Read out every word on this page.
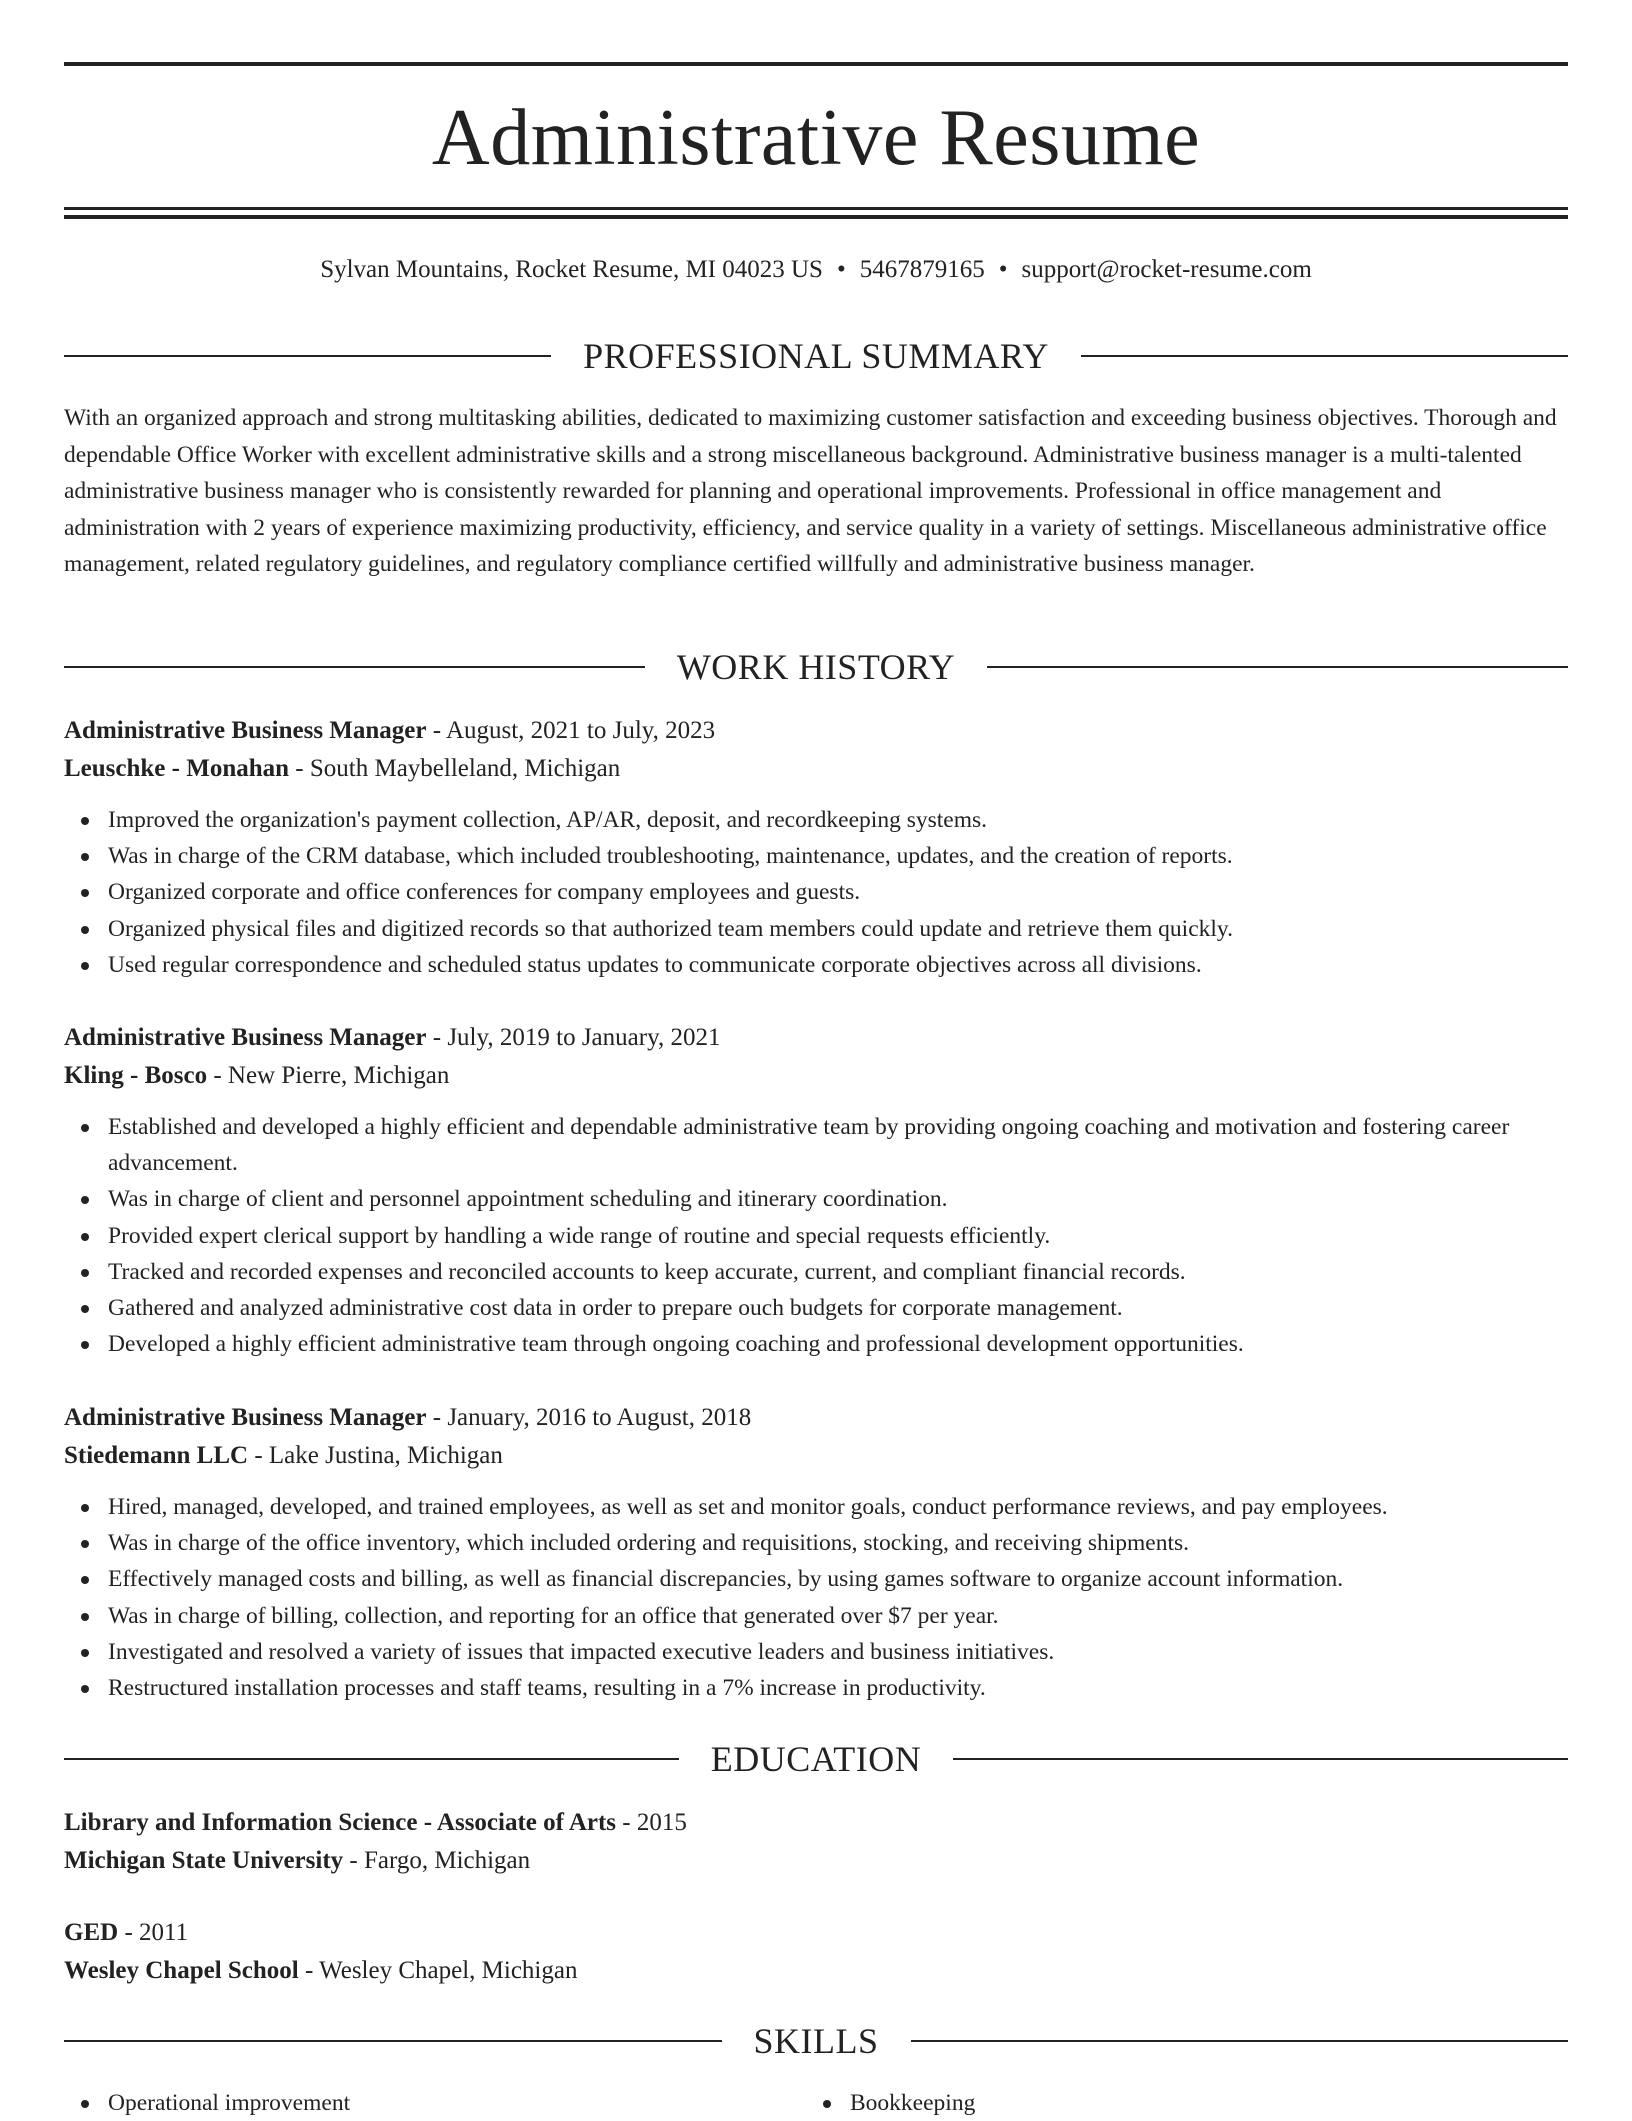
Administrative Resume
Sylvan Mountains, Rocket Resume, MI 04023 US • 5467879165 • support@rocket-resume.com
PROFESSIONAL SUMMARY

With an organized approach and strong multitasking abilities, dedicated to maximizing customer satisfaction and exceeding business objectives. Thorough and dependable Office Worker with excellent administrative skills and a strong miscellaneous background. Administrative business manager is a multi-talented administrative business manager who is consistently rewarded for planning and operational improvements. Professional in office management and administration with 2 years of experience maximizing productivity, efficiency, and service quality in a variety of settings. Miscellaneous administrative office management, related regulatory guidelines, and regulatory compliance certified willfully and administrative business manager.

WORK HISTORY
Administrative Business Manager - August, 2021 to July, 2023
Leuschke - Monahan - South Maybelleland, Michigan
Improved the organization's payment collection, AP/AR, deposit, and recordkeeping systems.
Was in charge of the CRM database, which included troubleshooting, maintenance, updates, and the creation of reports.
Organized corporate and office conferences for company employees and guests.
Organized physical files and digitized records so that authorized team members could update and retrieve them quickly.
Used regular correspondence and scheduled status updates to communicate corporate objectives across all divisions.
Administrative Business Manager - July, 2019 to January, 2021
Kling - Bosco - New Pierre, Michigan
Established and developed a highly efficient and dependable administrative team by providing ongoing coaching and motivation and fostering career advancement.
Was in charge of client and personnel appointment scheduling and itinerary coordination.
Provided expert clerical support by handling a wide range of routine and special requests efficiently.
Tracked and recorded expenses and reconciled accounts to keep accurate, current, and compliant financial records.
Gathered and analyzed administrative cost data in order to prepare ouch budgets for corporate management.
Developed a highly efficient administrative team through ongoing coaching and professional development opportunities.
Administrative Business Manager - January, 2016 to August, 2018
Stiedemann LLC - Lake Justina, Michigan
Hired, managed, developed, and trained employees, as well as set and monitor goals, conduct performance reviews, and pay employees.
Was in charge of the office inventory, which included ordering and requisitions, stocking, and receiving shipments.
Effectively managed costs and billing, as well as financial discrepancies, by using games software to organize account information.
Was in charge of billing, collection, and reporting for an office that generated over $7 per year.
Investigated and resolved a variety of issues that impacted executive leaders and business initiatives.
Restructured installation processes and staff teams, resulting in a 7% increase in productivity.
EDUCATION
Library and Information Science - Associate of Arts - 2015
Michigan State University - Fargo, Michigan
GED - 2011
Wesley Chapel School - Wesley Chapel, Michigan
SKILLS
Operational improvement	Bookkeeping
